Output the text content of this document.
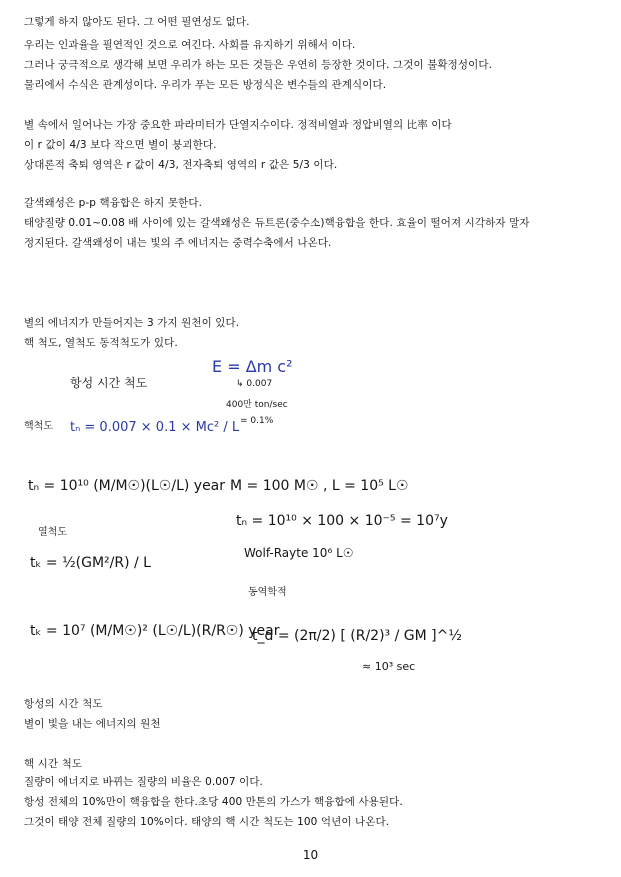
그렇게 하지 않아도 된다. 그 어떤 필연성도 없다.
우리는 인과율을 필연적인 것으로 여긴다. 사회를 유지하기 위해서 이다.
그러나 궁극적으로 생각해 보면 우리가 하는 모든 것들은 우연히 등장한 것이다. 그것이 불확정성이다.
물리에서 수식은 관계성이다. 우리가 푸는 모든 방정식은 변수들의 관계식이다.
별 속에서 일어나는 가장 중요한 파라미터가 단열지수이다. 정적비열과 정압비열의 比率 이다
이 r 값이 4/3 보다 작으면 별이 붕괴한다.
상대론적 축퇴 영역은 r 값이 4/3, 전자축퇴 영역의 r 값은 5/3 이다.
갈색왜성은 p-p 핵융합은 하지 못한다.
태양질량 0.01~0.08 배 사이에 있는 갈색왜성은 듀트론(중수소)핵융합을 한다. 효율이 떨어져 시각하자 말자
정지된다. 갈색왜성이 내는 빛의 주 에너지는 중력수축에서 나온다.
별의 에너지가 만들어지는 3 가지 원천이 있다.
핵 척도, 열척도 동적척도가 있다.
E = Δm c²
↳ 0.007
항성 시간 척도
400만 ton/sec
= 0.1%
핵척도 tₙ = 0.007 × 0.1 × Mc² / L
tₙ = 10¹⁰ (M/M☉)(L☉/L) year M = 100 M☉ , L = 10⁵ L☉
tₙ = 10¹⁰ × 100 × 10⁻⁵ = 10⁷y
열척도
tₖ = ½(GM²/R) / L
Wolf-Rayte 10⁶ L☉
동역학적
tₖ = 10⁷ (M/M☉)² (L☉/L)(R/R☉) year
t_d = (2π/2) [ (R/2)³ / GM ]^½
≈ 10³ sec
항성의 시간 척도
별이 빛을 내는 에너지의 원천
핵 시간 척도
질량이 에너지로 바뀌는 질량의 비율은 0.007 이다.
항성 전체의 10%만이 핵융합을 한다.초당 400 만톤의 가스가 핵융합에 사용된다.
그것이 태양 전체 질량의 10%이다. 태양의 핵 시간 척도는 100 억년이 나온다.
10
